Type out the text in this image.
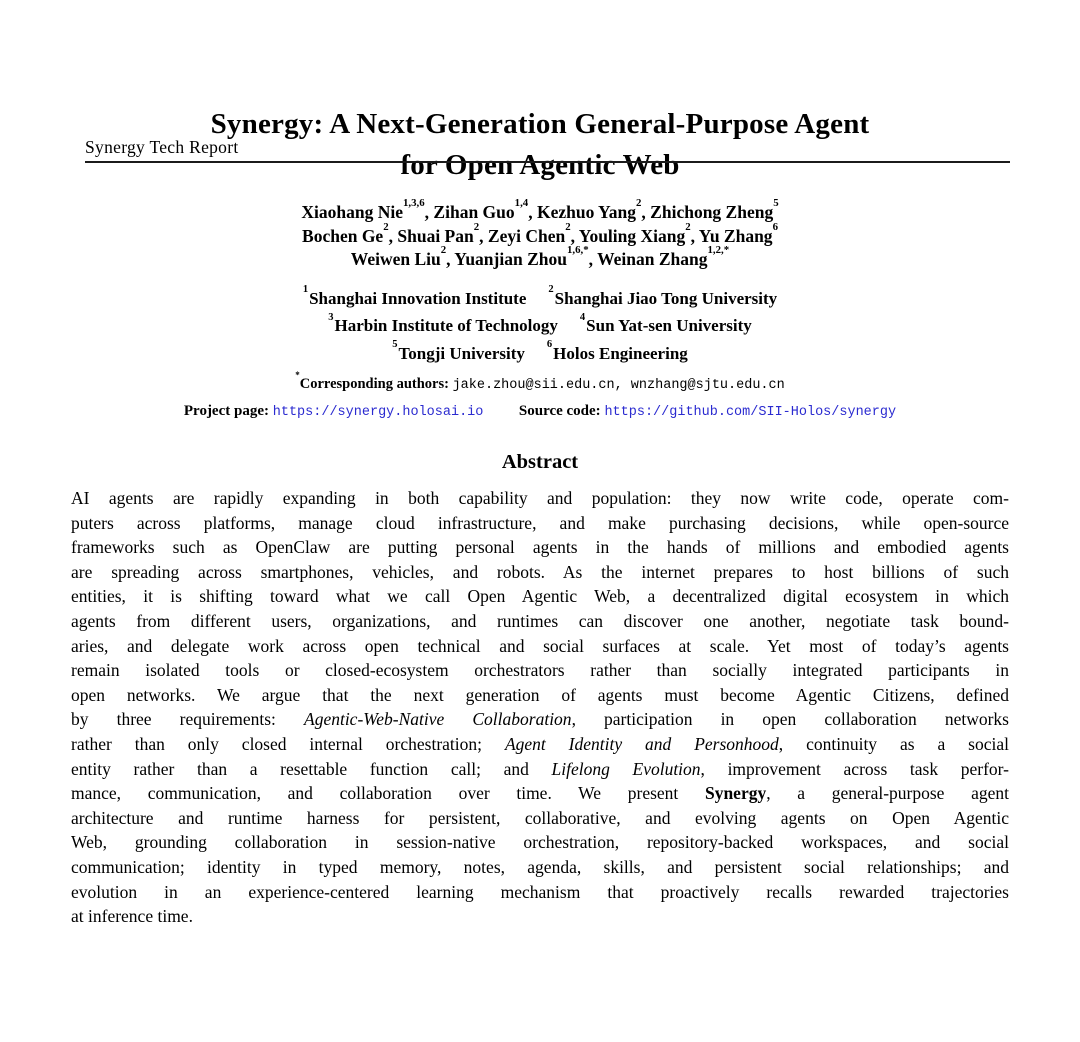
Synergy Tech Report
Synergy: A Next-Generation General-Purpose Agent
for Open Agentic Web
Xiaohang Nie$^{1,3,6}$, Zihan Guo$^{1,4}$, Kezhuo Yang$^2$, Zhichong Zheng$^5$
Bochen Ge$^2$, Shuai Pan$^2$, Zeyi Chen$^2$, Youling Xiang$^2$, Yu Zhang$^6$
Weiwen Liu$^2$, Yuanjian Zhou$^{1,6,*}$, Weinan Zhang$^{1,2,*}$
$^1$Shanghai Innovation Institute $^2$Shanghai Jiao Tong University
$^3$Harbin Institute of Technology $^4$Sun Yat-sen University
$^5$Tongji University $^6$Holos Engineering
*Corresponding authors: jake.zhou@sii.edu.cn, wnzhang@sjtu.edu.cn
Project page: https://synergy.holosai.io Source code: https://github.com/SII-Holos/synergy
Abstract
AI agents are rapidly expanding in both capability and population: they now write code, operate com-
puters across platforms, manage cloud infrastructure, and make purchasing decisions, while open-source
frameworks such as OpenClaw are putting personal agents in the hands of millions and embodied agents
are spreading across smartphones, vehicles, and robots. As the internet prepares to host billions of such
entities, it is shifting toward what we call Open Agentic Web, a decentralized digital ecosystem in which
agents from different users, organizations, and runtimes can discover one another, negotiate task bound-
aries, and delegate work across open technical and social surfaces at scale. Yet most of today’s agents
remain isolated tools or closed-ecosystem orchestrators rather than socially integrated participants in
open networks. We argue that the next generation of agents must become Agentic Citizens, defined
by three requirements: Agentic-Web-Native Collaboration, participation in open collaboration networks
rather than only closed internal orchestration; Agent Identity and Personhood, continuity as a social
entity rather than a resettable function call; and Lifelong Evolution, improvement across task perfor-
mance, communication, and collaboration over time. We present Synergy, a general-purpose agent
architecture and runtime harness for persistent, collaborative, and evolving agents on Open Agentic
Web, grounding collaboration in session-native orchestration, repository-backed workspaces, and social
communication; identity in typed memory, notes, agenda, skills, and persistent social relationships; and
evolution in an experience-centered learning mechanism that proactively recalls rewarded trajectories
at inference time.
